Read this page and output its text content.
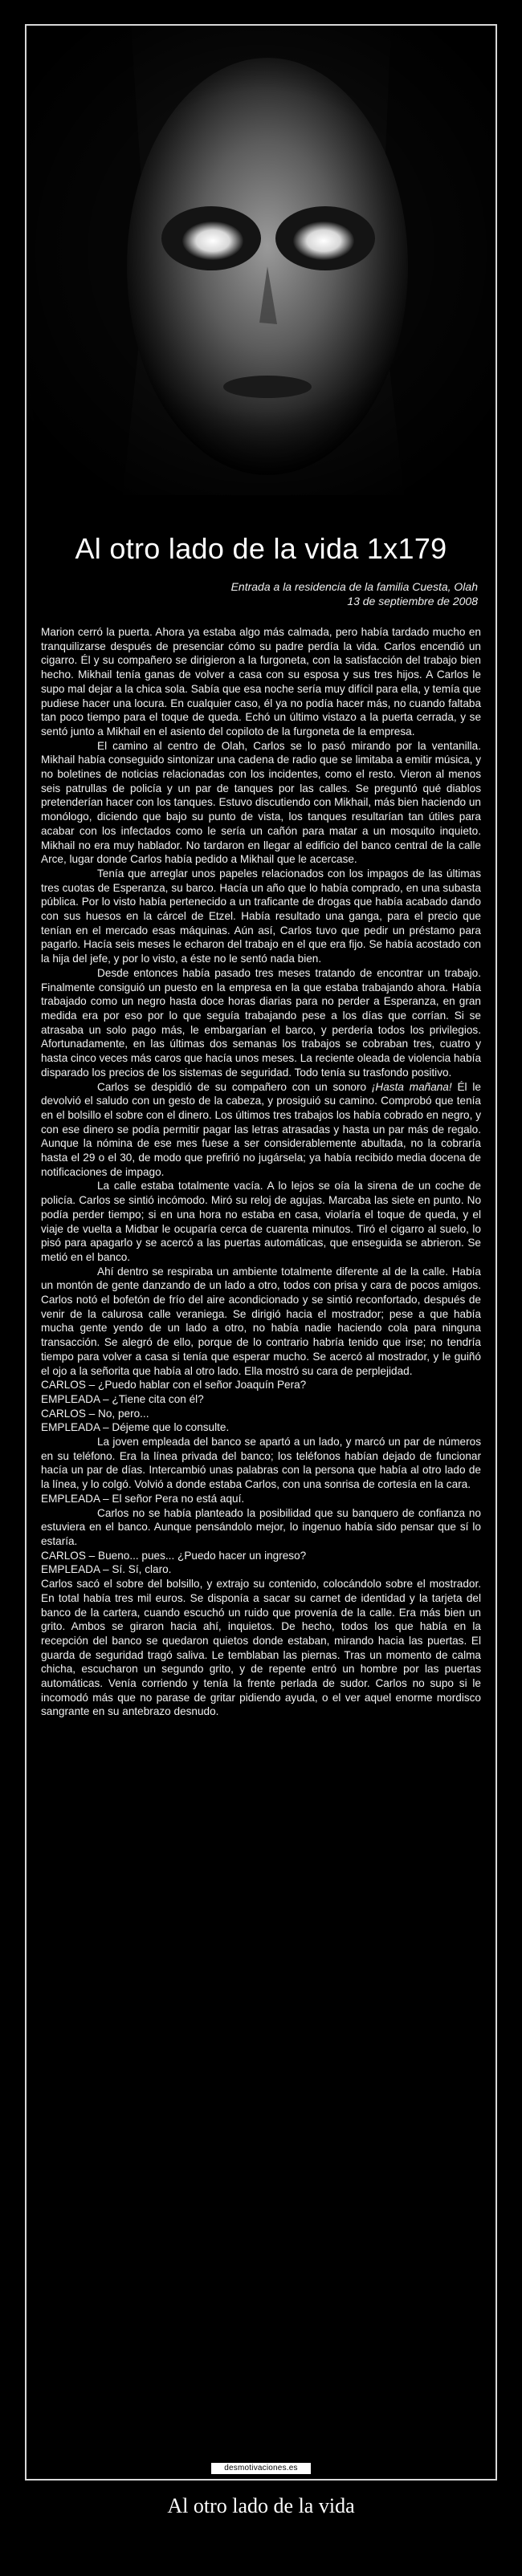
Al otro lado de la vida 1x179
Entrada a la residencia de la familia Cuesta, Olah
13 de septiembre de 2008

Marion cerró la puerta. Ahora ya estaba algo más calmada, pero había tardado mucho en tranquilizarse después de presenciar cómo su padre perdía la vida. Carlos encendió un cigarro. Él y su compañero se dirigieron a la furgoneta, con la satisfacción del trabajo bien hecho. Mikhail tenía ganas de volver a casa con su esposa y sus tres hijos. A Carlos le supo mal dejar a la chica sola. Sabía que esa noche sería muy difícil para ella, y temía que pudiese hacer una locura. En cualquier caso, él ya no podía hacer más, no cuando faltaba tan poco tiempo para el toque de queda. Echó un último vistazo a la puerta cerrada, y se sentó junto a Mikhail en el asiento del copiloto de la furgoneta de la empresa.

El camino al centro de Olah, Carlos se lo pasó mirando por la ventanilla. Mikhail había conseguido sintonizar una cadena de radio que se limitaba a emitir música, y no boletines de noticias relacionadas con los incidentes, como el resto. Vieron al menos seis patrullas de policía y un par de tanques por las calles. Se preguntó qué diablos pretenderían hacer con los tanques. Estuvo discutiendo con Mikhail, más bien haciendo un monólogo, diciendo que bajo su punto de vista, los tanques resultarían tan útiles para acabar con los infectados como le sería un cañón para matar a un mosquito inquieto. Mikhail no era muy hablador. No tardaron en llegar al edificio del banco central de la calle Arce, lugar donde Carlos había pedido a Mikhail que le acercase.

Tenía que arreglar unos papeles relacionados con los impagos de las últimas tres cuotas de Esperanza, su barco. Hacía un año que lo había comprado, en una subasta pública. Por lo visto había pertenecido a un traficante de drogas que había acabado dando con sus huesos en la cárcel de Etzel. Había resultado una ganga, para el precio que tenían en el mercado esas máquinas. Aún así, Carlos tuvo que pedir un préstamo para pagarlo. Hacía seis meses le echaron del trabajo en el que era fijo. Se había acostado con la hija del jefe, y por lo visto, a éste no le sentó nada bien.

Desde entonces había pasado tres meses tratando de encontrar un trabajo. Finalmente consiguió un puesto en la empresa en la que estaba trabajando ahora. Había trabajado como un negro hasta doce horas diarias para no perder a Esperanza, en gran medida era por eso por lo que seguía trabajando pese a los días que corrían. Si se atrasaba un solo pago más, le embargarían el barco, y perdería todos los privilegios. Afortunadamente, en las últimas dos semanas los trabajos se cobraban tres, cuatro y hasta cinco veces más caros que hacía unos meses. La reciente oleada de violencia había disparado los precios de los sistemas de seguridad. Todo tenía su trasfondo positivo.

Carlos se despidió de su compañero con un sonoro ¡Hasta mañana! Él le devolvió el saludo con un gesto de la cabeza, y prosiguió su camino. Comprobó que tenía en el bolsillo el sobre con el dinero. Los últimos tres trabajos los había cobrado en negro, y con ese dinero se podía permitir pagar las letras atrasadas y hasta un par más de regalo. Aunque la nómina de ese mes fuese a ser considerablemente abultada, no la cobraría hasta el 29 o el 30, de modo que prefirió no jugársela; ya había recibido media docena de notificaciones de impago.

La calle estaba totalmente vacía. A lo lejos se oía la sirena de un coche de policía. Carlos se sintió incómodo. Miró su reloj de agujas. Marcaba las siete en punto. No podía perder tiempo; si en una hora no estaba en casa, violaría el toque de queda, y el viaje de vuelta a Midbar le ocuparía cerca de cuarenta minutos. Tiró el cigarro al suelo, lo pisó para apagarlo y se acercó a las puertas automáticas, que enseguida se abrieron. Se metió en el banco.

Ahí dentro se respiraba un ambiente totalmente diferente al de la calle. Había un montón de gente danzando de un lado a otro, todos con prisa y cara de pocos amigos. Carlos notó el bofetón de frío del aire acondicionado y se sintió reconfortado, después de venir de la calurosa calle veraniega. Se dirigió hacia el mostrador; pese a que había mucha gente yendo de un lado a otro, no había nadie haciendo cola para ninguna transacción. Se alegró de ello, porque de lo contrario habría tenido que irse; no tendría tiempo para volver a casa si tenía que esperar mucho. Se acercó al mostrador, y le guiñó el ojo a la señorita que había al otro lado. Ella mostró su cara de perplejidad.

CARLOS – ¿Puedo hablar con el señor Joaquín Pera?

EMPLEADA – ¿Tiene cita con él?

CARLOS – No, pero...

EMPLEADA – Déjeme que lo consulte.

La joven empleada del banco se apartó a un lado, y marcó un par de números en su teléfono. Era la línea privada del banco; los teléfonos habían dejado de funcionar hacía un par de días. Intercambió unas palabras con la persona que había al otro lado de la línea, y lo colgó. Volvió a donde estaba Carlos, con una sonrisa de cortesía en la cara.

EMPLEADA – El señor Pera no está aquí.

Carlos no se había planteado la posibilidad que su banquero de confianza no estuviera en el banco. Aunque pensándolo mejor, lo ingenuo había sido pensar que sí lo estaría.

CARLOS – Bueno... pues... ¿Puedo hacer un ingreso?

EMPLEADA – Sí. Sí, claro.

Carlos sacó el sobre del bolsillo, y extrajo su contenido, colocándolo sobre el mostrador. En total había tres mil euros. Se disponía a sacar su carnet de identidad y la tarjeta del banco de la cartera, cuando escuchó un ruido que provenía de la calle. Era más bien un grito. Ambos se giraron hacia ahí, inquietos. De hecho, todos los que había en la recepción del banco se quedaron quietos donde estaban, mirando hacia las puertas. El guarda de seguridad tragó saliva. Le temblaban las piernas. Tras un momento de calma chicha, escucharon un segundo grito, y de repente entró un hombre por las puertas automáticas. Venía corriendo y tenía la frente perlada de sudor. Carlos no supo si le incomodó más que no parase de gritar pidiendo ayuda, o el ver aquel enorme mordisco sangrante en su antebrazo desnudo.

desmotivaciones.es
Al otro lado de la vida
